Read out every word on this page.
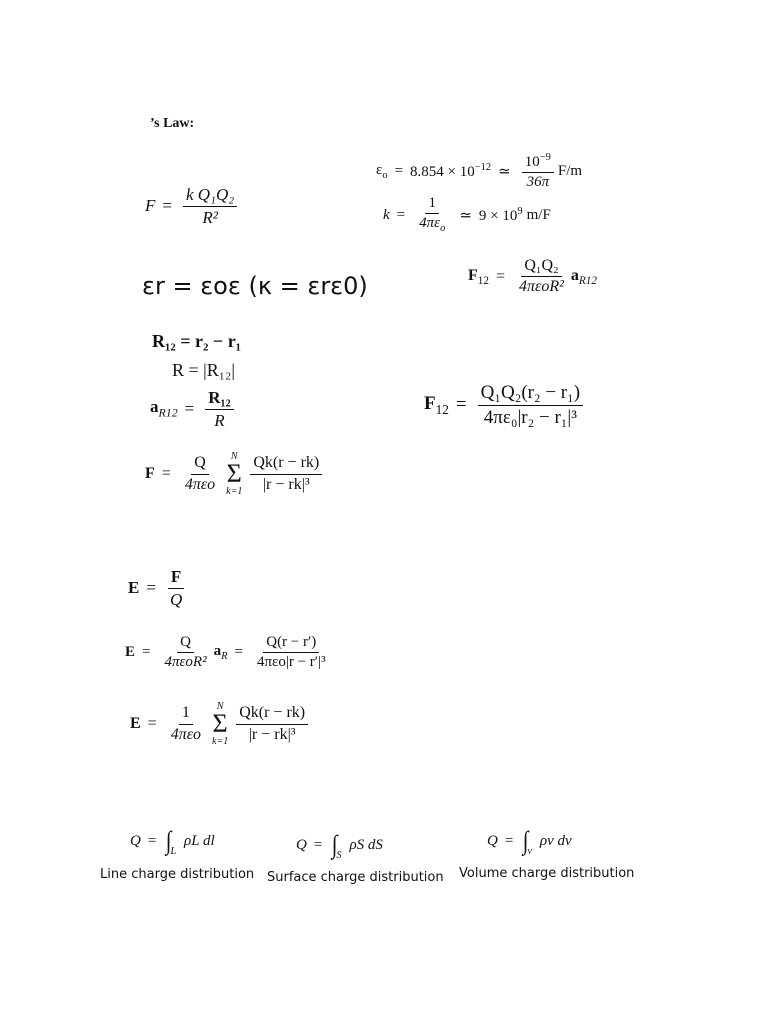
’s Law:
$F = \frac{\text{k Q₁Q₂}}{\text{R²}}$
$\varepsilon_o = 8.854 \times 10^{-12}$ ≃ $\frac{10^{-9}}{36\pi} F/m$
$k = \frac{1}{4\pi\varepsilon_o}$ ≃ $9 \times 10^9$ m/F
εr = εoε (κ = εrε0)	$F_{12} = \frac{\text{Q₁Q₂}}{\text{4πεoR²}} a_{R12}$
R₁₂ = r₂ − r₁
R = |R₁₂|
$a_{R12} = \frac{\text{R₁₂}}{R}$	$F_{12} = \frac{\text{Q₁Q₂(r₂ − r₁)}}{\text{4πε₀|r₂ − r₁|³}}$
$F = \frac{Q}{\text{4πεo}}$ N
Σ
$k=1 \frac{Qk(r - rk)}{\text{|r − rk|³}}$
$E = \frac{F}{Q}$
$E = \frac{Q}{\text{4πεoR²}} a_R = \frac{Q(r - r')}{\text{4πεo|r − r′|³}}$
$E = \frac{1}{\text{4πεo}}$ N
Σ
$k=1 \frac{Qk(r - rk)}{\text{|r − rk|³}}$
Q = ∫
L
ρL dl
Line charge distribution
Q = ∫
S
ρS dS
Surface charge distribution
Q = ∫
v
ρv dv
Volume charge distribution
